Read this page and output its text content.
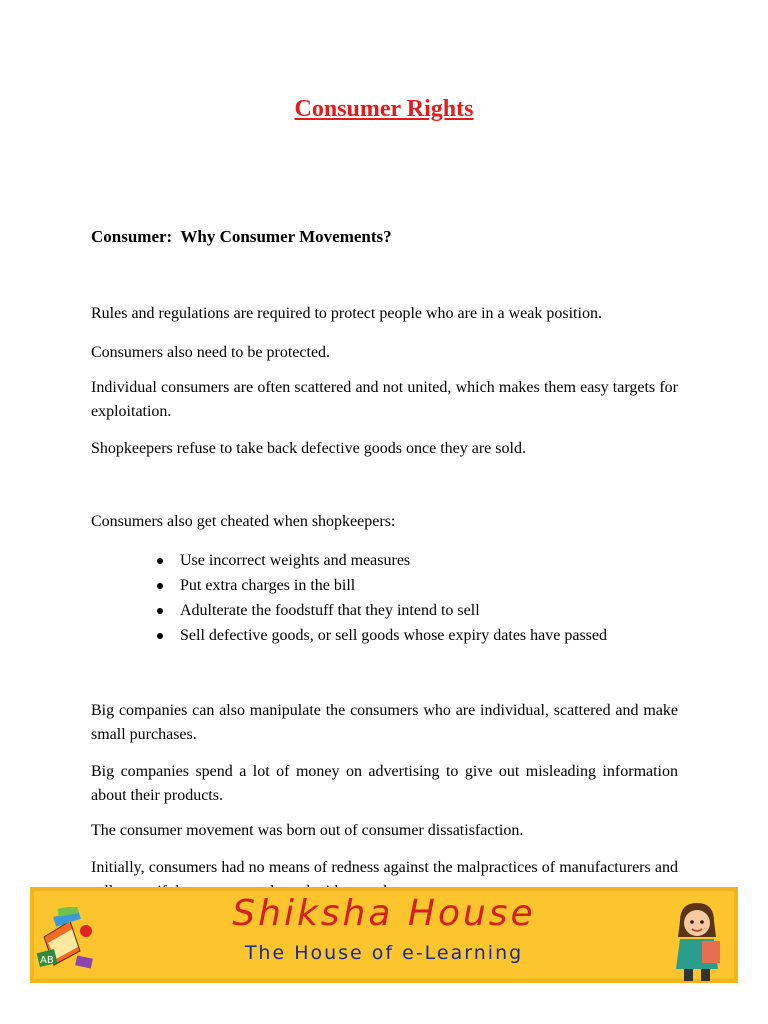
Consumer Rights
Consumer:  Why Consumer Movements?

Rules and regulations are required to protect people who are in a weak position.

Consumers also need to be protected.

Individual consumers are often scattered and not united, which makes them easy targets for exploitation.

Shopkeepers refuse to take back defective goods once they are sold.

Consumers also get cheated when shopkeepers:

Use incorrect weights and measures
Put extra charges in the bill
Adulterate the foodstuff that they intend to sell
Sell defective goods, or sell goods whose expiry dates have passed

Big companies can also manipulate the consumers who are individual, scattered and make small purchases.

Big companies spend a lot of money on advertising to give out misleading information about their products.

The consumer movement was born out of consumer dissatisfaction.

Initially, consumers had no means of redness against the malpractices of manufacturers and

AB
Shiksha House
The House of e-Learning
